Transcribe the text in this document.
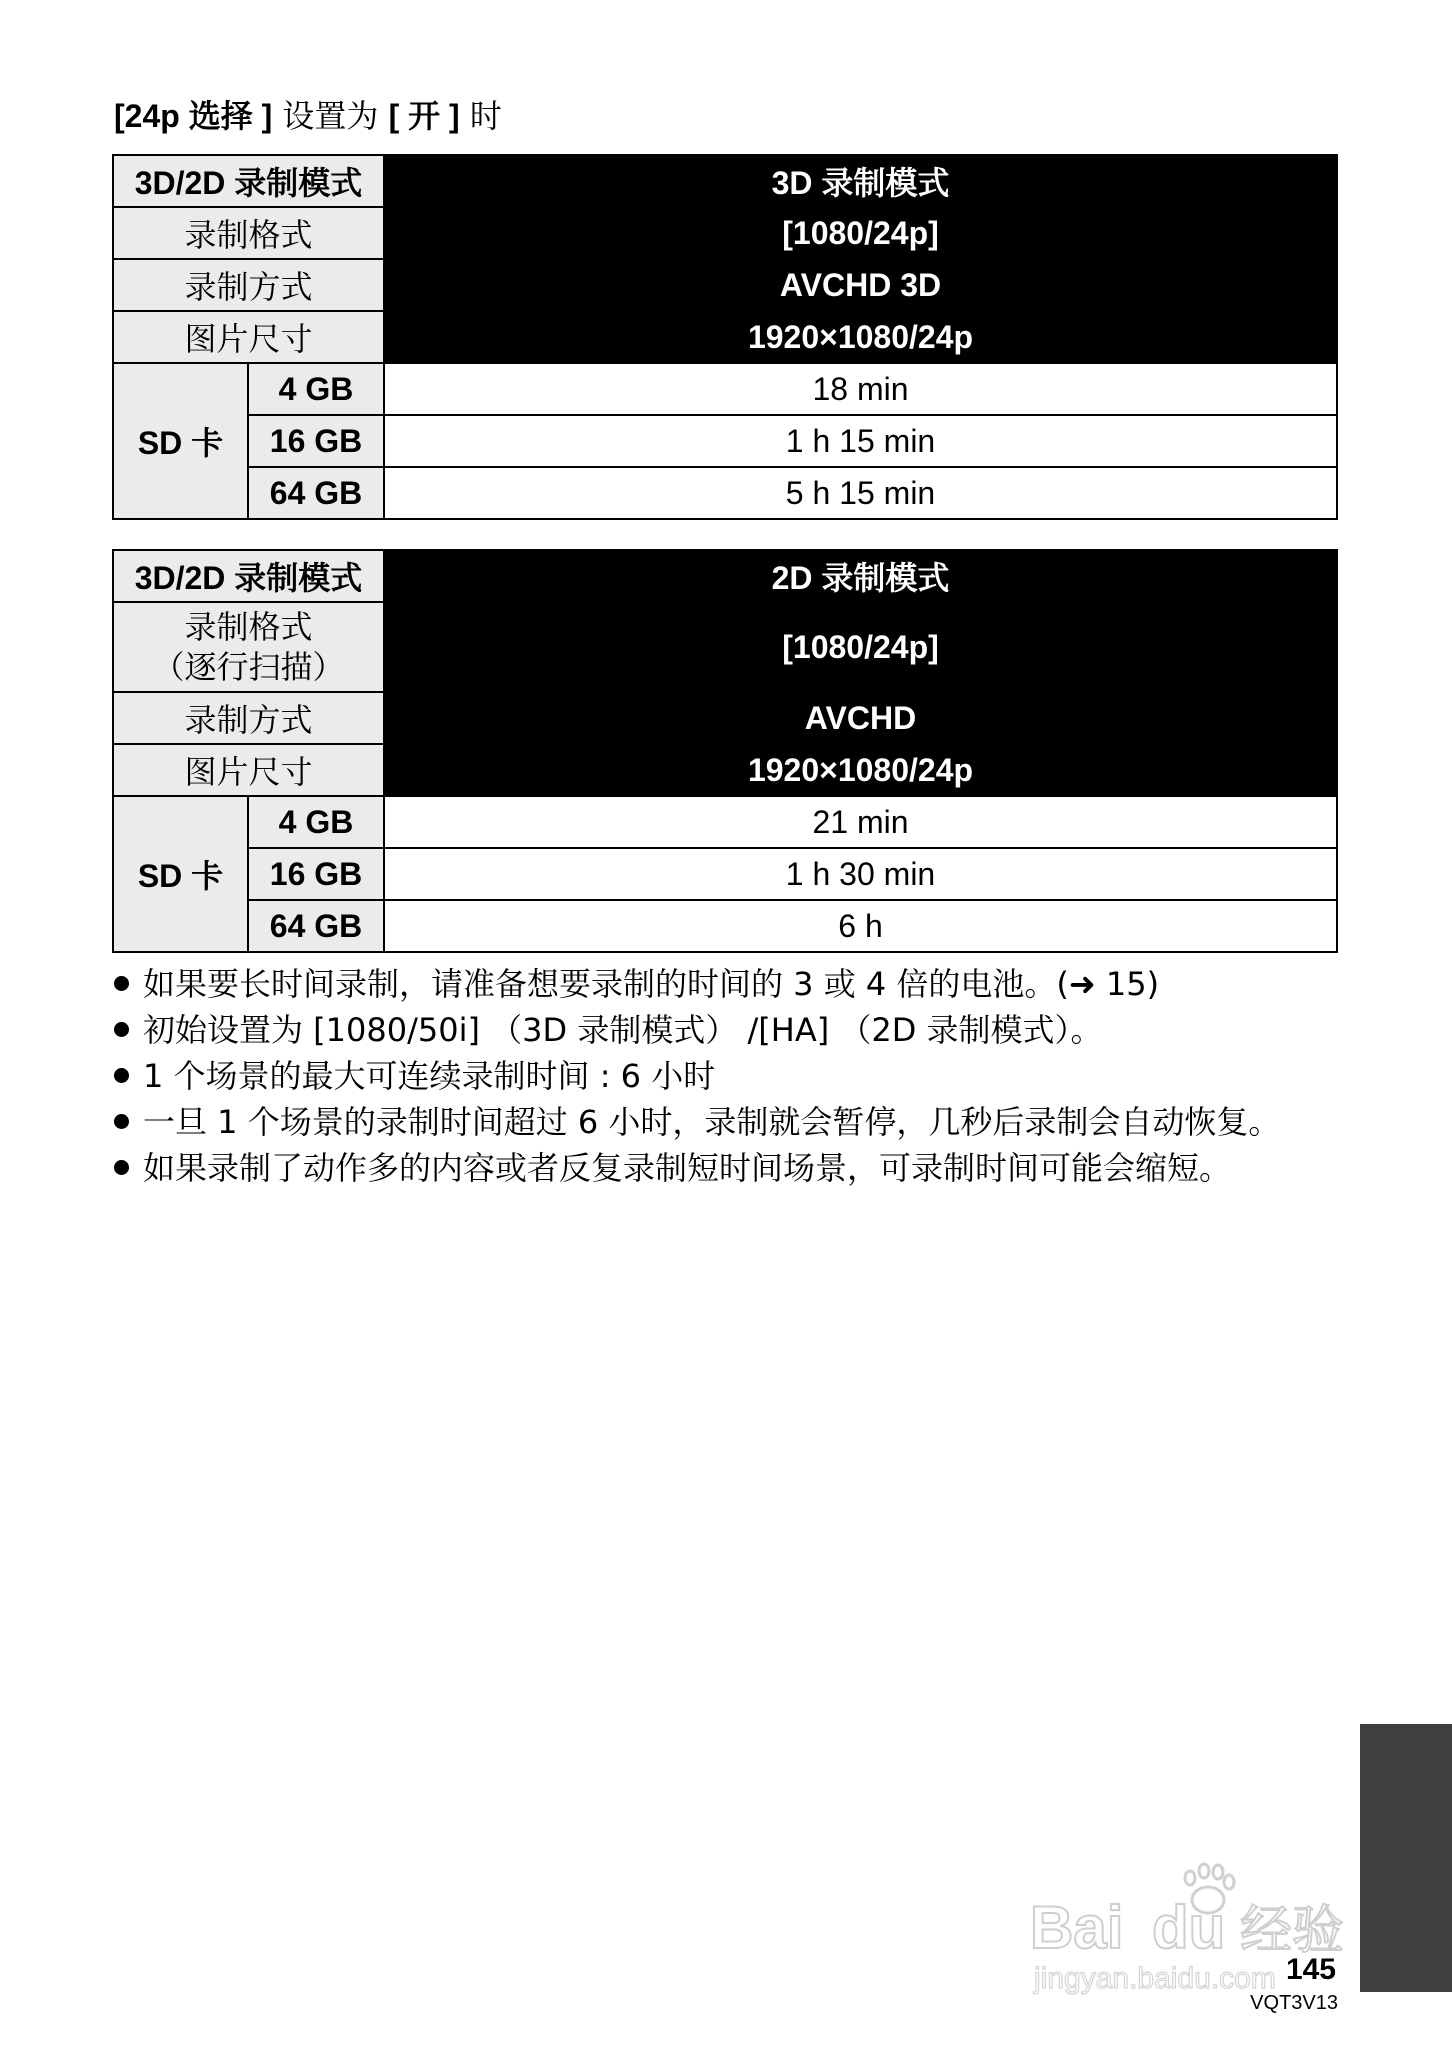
[24p 选择 ] 设置为 [ 开 ] 时
3D/2D 录制模式		3D 录制模式
录制格式		[1080/24p]
录制方式		AVCHD 3D
图片尺寸		1920×1080/24p
SD 卡	4 GB	18 min
	16 GB	1 h 15 min
	64 GB	5 h 15 min
3D/2D 录制模式		2D 录制模式

录制格式
（逐行扫描）		[1080/24p]
录制方式		AVCHD
图片尺寸		1920×1080/24p
SD 卡	4 GB	21 min
	16 GB	1 h 30 min
	64 GB	6 h
如果要长时间录制，请准备想要录制的时间的 3 或 4 倍的电池。(➜ 15)
初始设置为 [1080/50i] （3D 录制模式） /[HA] （2D 录制模式）。
1 个场景的最大可连续录制时间 : 6 小时
一旦 1 个场景的录制时间超过 6 小时，录制就会暂停，几秒后录制会自动恢复。
如果录制了动作多的内容或者反复录制短时间场景，可录制时间可能会缩短。
Bai du 经验
jingyan.baidu.com 145
VQT3V13
